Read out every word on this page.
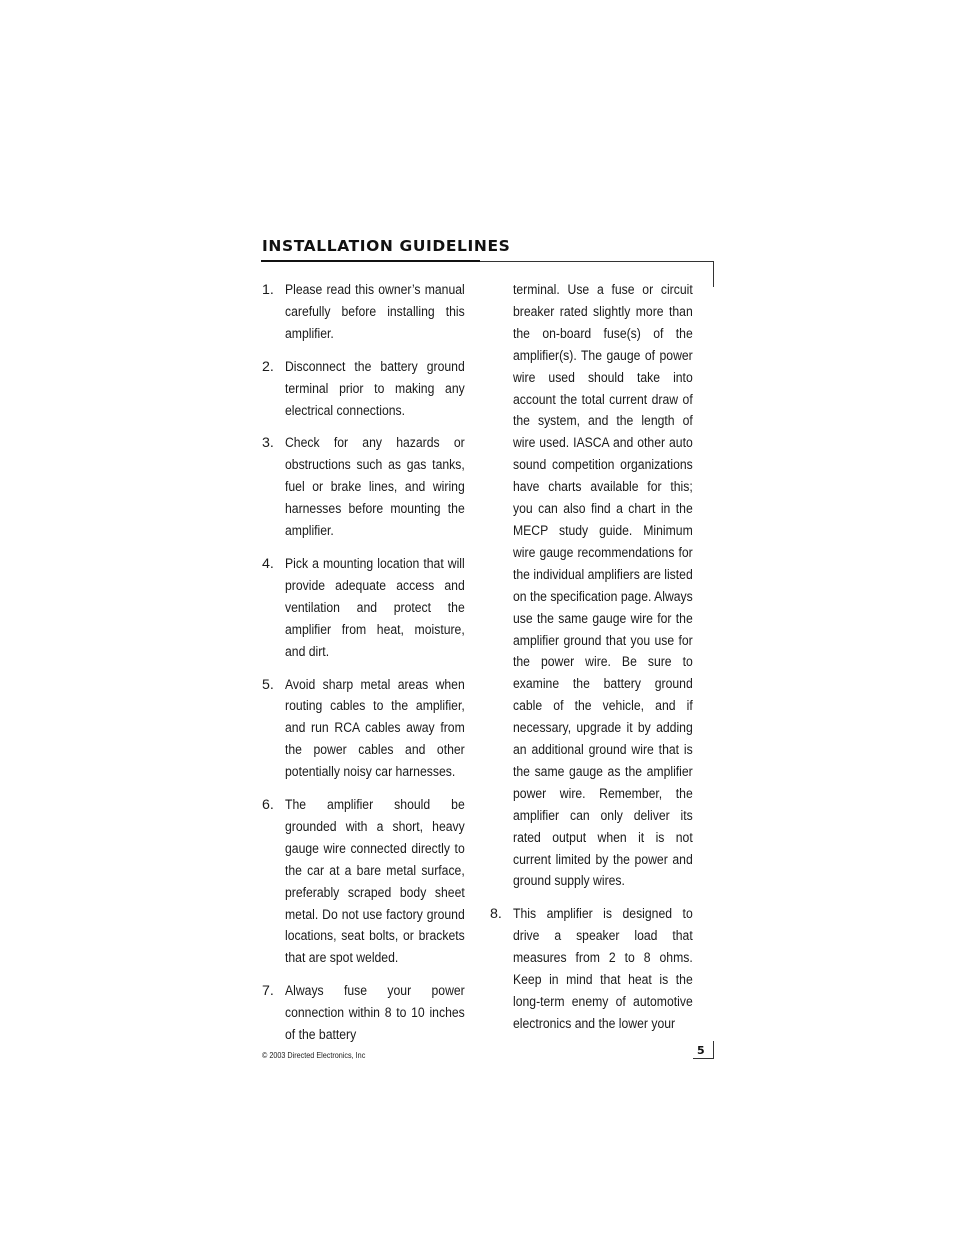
INSTALLATION GUIDELINES
1. Please read this owner’s manual carefully before installing this amplifier.
2. Disconnect the battery ground terminal prior to making any electrical connections.
3. Check for any hazards or obstructions such as gas tanks, fuel or brake lines, and wiring harnesses before mounting the amplifier.
4. Pick a mounting location that will provide adequate access and ventilation and protect the amplifier from heat, moisture, and dirt.
5. Avoid sharp metal areas when routing cables to the amplifier, and run RCA cables away from the power cables and other potentially noisy car harnesses.
6. The amplifier should be grounded with a short, heavy gauge wire connected directly to the car at a bare metal surface, preferably scraped body sheet metal. Do not use factory ground locations, seat bolts, or brackets that are spot welded.
7. Always fuse your power connection within 8 to 10 inches of the battery
terminal. Use a fuse or circuit breaker rated slightly more than the on-board fuse(s) of the amplifier(s). The gauge of power wire used should take into account the total current draw of the system, and the length of wire used. IASCA and other auto sound competition organizations have charts available for this; you can also find a chart in the MECP study guide. Minimum wire gauge recommendations for the individual amplifiers are listed on the specification page. Always use the same gauge wire for the amplifier ground that you use for the power wire. Be sure to examine the battery ground cable of the vehicle, and if necessary, upgrade it by adding an additional ground wire that is the same gauge as the amplifier power wire. Remember, the amplifier can only deliver its rated output when it is not current limited by the power and ground supply wires.
8. This amplifier is designed to drive a speaker load that measures from 2 to 8 ohms. Keep in mind that heat is the long-term enemy of automotive electronics and the lower your
© 2003 Directed Electronics, Inc	5
